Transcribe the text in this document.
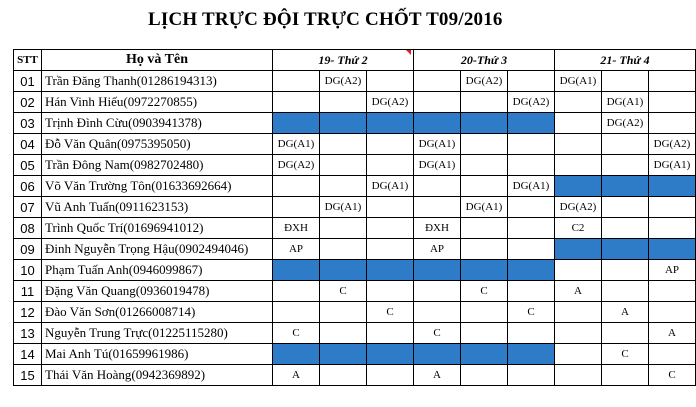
LỊCH TRỰC ĐỘI TRỰC CHỐT T09/2016
STT	Họ và Tên	19- Thứ 2			20-Thứ 3			21- Thứ 4		
01	Trần Đăng Thanh(01286194313)		DG(A2)			DG(A2)		DG(A1)		
02	Hán Vinh Hiếu(0972270855)			DG(A2)			DG(A2)		DG(A1)	
03	Trịnh Đình Cừu(0903941378)								DG(A2)	
04	Đỗ Văn Quân(0975395050)	DG(A1)			DG(A1)					DG(A2)
05	Trần Đông Nam(0982702480)	DG(A2)			DG(A1)					DG(A1)
06	Võ Văn Trường Tôn(01633692664)			DG(A1)			DG(A1)			
07	Vũ Anh Tuấn(0911623153)		DG(A1)			DG(A1)		DG(A2)		
08	Trình Quốc Trí(01696941012)	ĐXH			ĐXH			C2		
09	Đinh Nguyễn Trọng Hậu(0902494046)	AP			AP					
10	Phạm Tuấn Anh(0946099867)									AP
11	Đặng Văn Quang(0936019478)		C			C		A		
12	Đào Văn Sơn(01266008714)			C			C		A	
13	Nguyễn Trung Trực(01225115280)	C			C					A
14	Mai Anh Tú(01659961986)								C	
15	Thái Văn Hoàng(0942369892)	A			A					C
